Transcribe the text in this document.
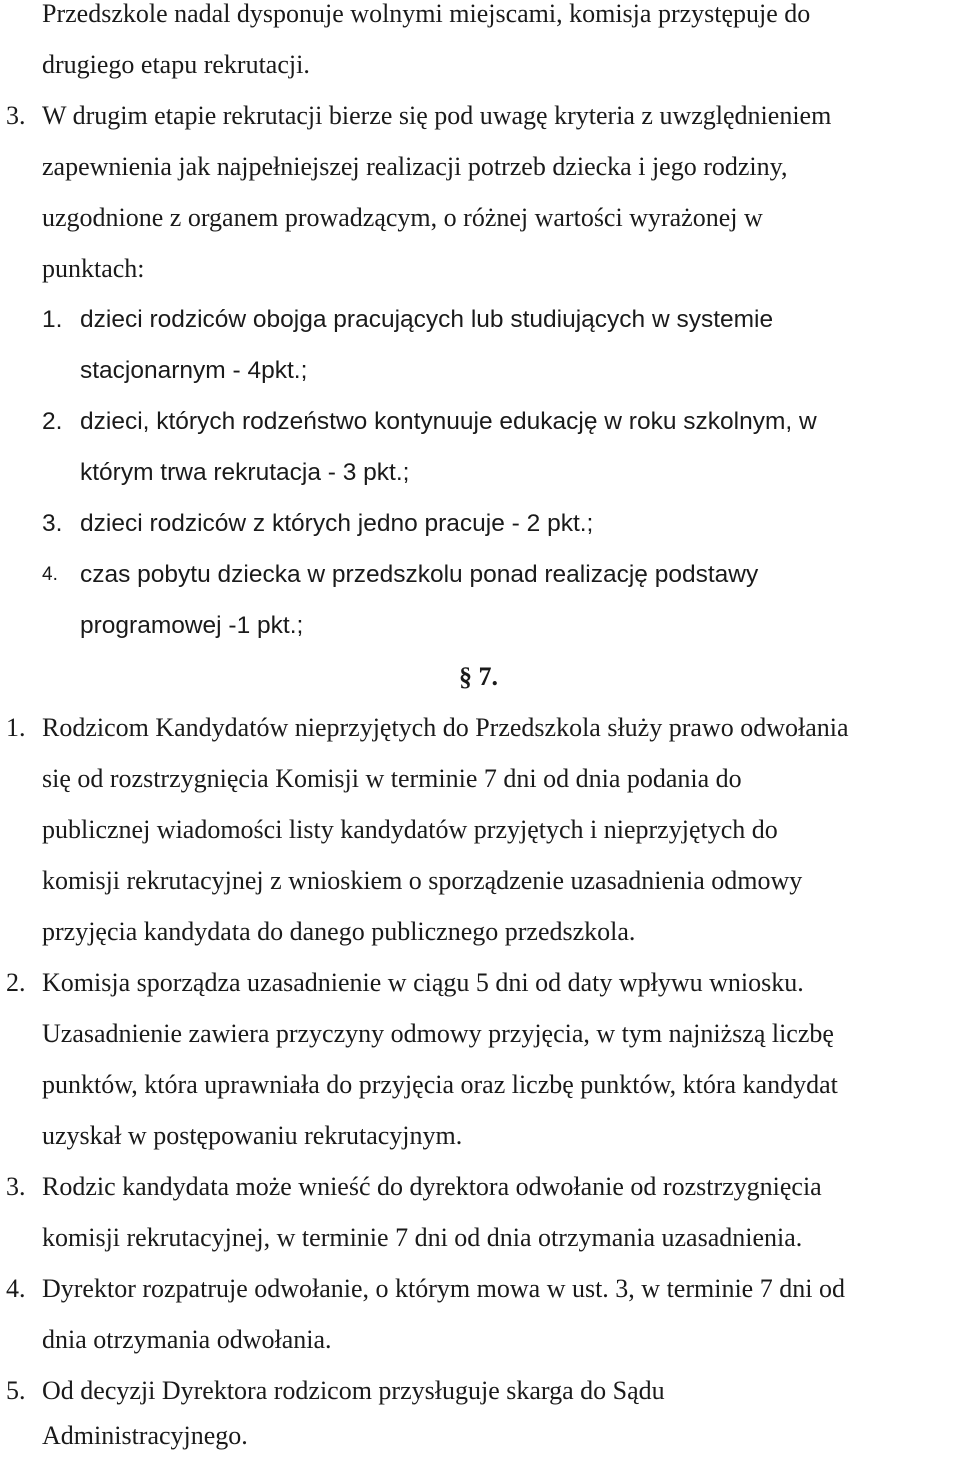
Przedszkole nadal dysponuje wolnymi miejscami, komisja przystępuje do
drugiego etapu rekrutacji.
3. W drugim etapie rekrutacji bierze się pod uwagę kryteria z uwzględnieniem
zapewnienia jak najpełniejszej realizacji potrzeb dziecka i jego rodziny,
uzgodnione z organem prowadzącym, o różnej wartości wyrażonej w
punktach:
1. dzieci rodziców obojga pracujących lub studiujących w systemie
stacjonarnym - 4pkt.;
2. dzieci, których rodzeństwo kontynuuje edukację w roku szkolnym, w
którym trwa rekrutacja - 3 pkt.;
3. dzieci rodziców z których jedno pracuje - 2 pkt.;
4. czas pobytu dziecka w przedszkolu ponad realizację podstawy
programowej -1 pkt.;
§ 7.
1. Rodzicom Kandydatów nieprzyjętych do Przedszkola służy prawo odwołania
się od rozstrzygnięcia Komisji w terminie 7 dni od dnia podania do
publicznej wiadomości listy kandydatów przyjętych i nieprzyjętych do
komisji rekrutacyjnej z wnioskiem o sporządzenie uzasadnienia odmowy
przyjęcia kandydata do danego publicznego przedszkola.
2. Komisja sporządza uzasadnienie w ciągu 5 dni od daty wpływu wniosku.
Uzasadnienie zawiera przyczyny odmowy przyjęcia, w tym najniższą liczbę
punktów, która uprawniała do przyjęcia oraz liczbę punktów, która kandydat
uzyskał w postępowaniu rekrutacyjnym.
3. Rodzic kandydata może wnieść do dyrektora odwołanie od rozstrzygnięcia
komisji rekrutacyjnej, w terminie 7 dni od dnia otrzymania uzasadnienia.
4. Dyrektor rozpatruje odwołanie, o którym mowa w ust. 3, w terminie 7 dni od
dnia otrzymania odwołania.
5. Od decyzji Dyrektora rodzicom przysługuje skarga do Sądu
Administracyjnego.
